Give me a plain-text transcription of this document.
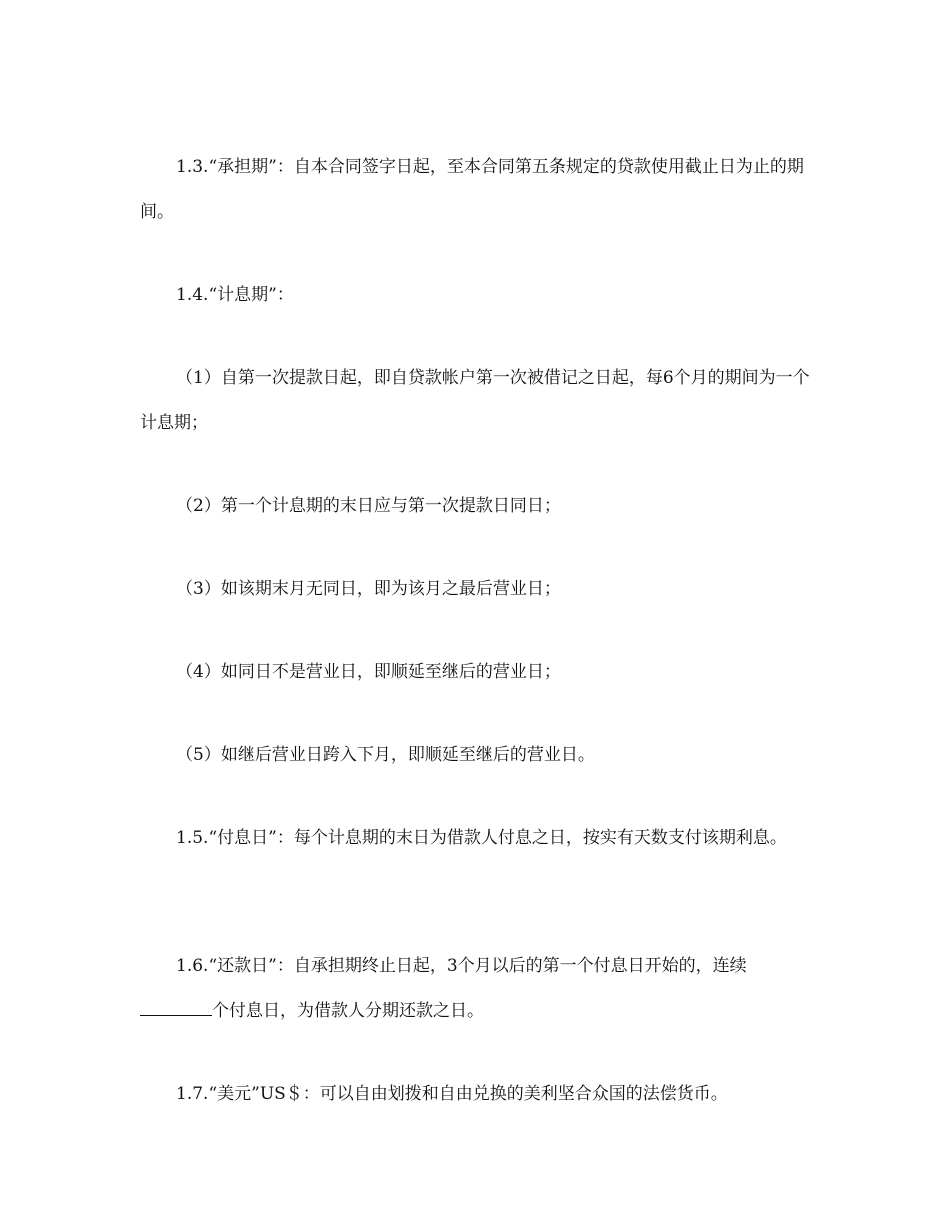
1.3.“承担期”：自本合同签字日起，至本合同第五条规定的贷款使用截止日为止的期间。

1.4.“计息期”：

（1）自第一次提款日起，即自贷款帐户第一次被借记之日起，每6个月的期间为一个计息期；

（2）第一个计息期的末日应与第一次提款日同日；

（3）如该期末月无同日，即为该月之最后营业日；

（4）如同日不是营业日，即顺延至继后的营业日；

（5）如继后营业日跨入下月，即顺延至继后的营业日。

1.5.“付息日”：每个计息期的末日为借款人付息之日，按实有天数支付该期利息。

1.6.“还款日”：自承担期终止日起，3个月以后的第一个付息日开始的，连续个付息日，为借款人分期还款之日。

1.7.“美元”US＄：可以自由划拨和自由兑换的美利坚合众国的法偿货币。
